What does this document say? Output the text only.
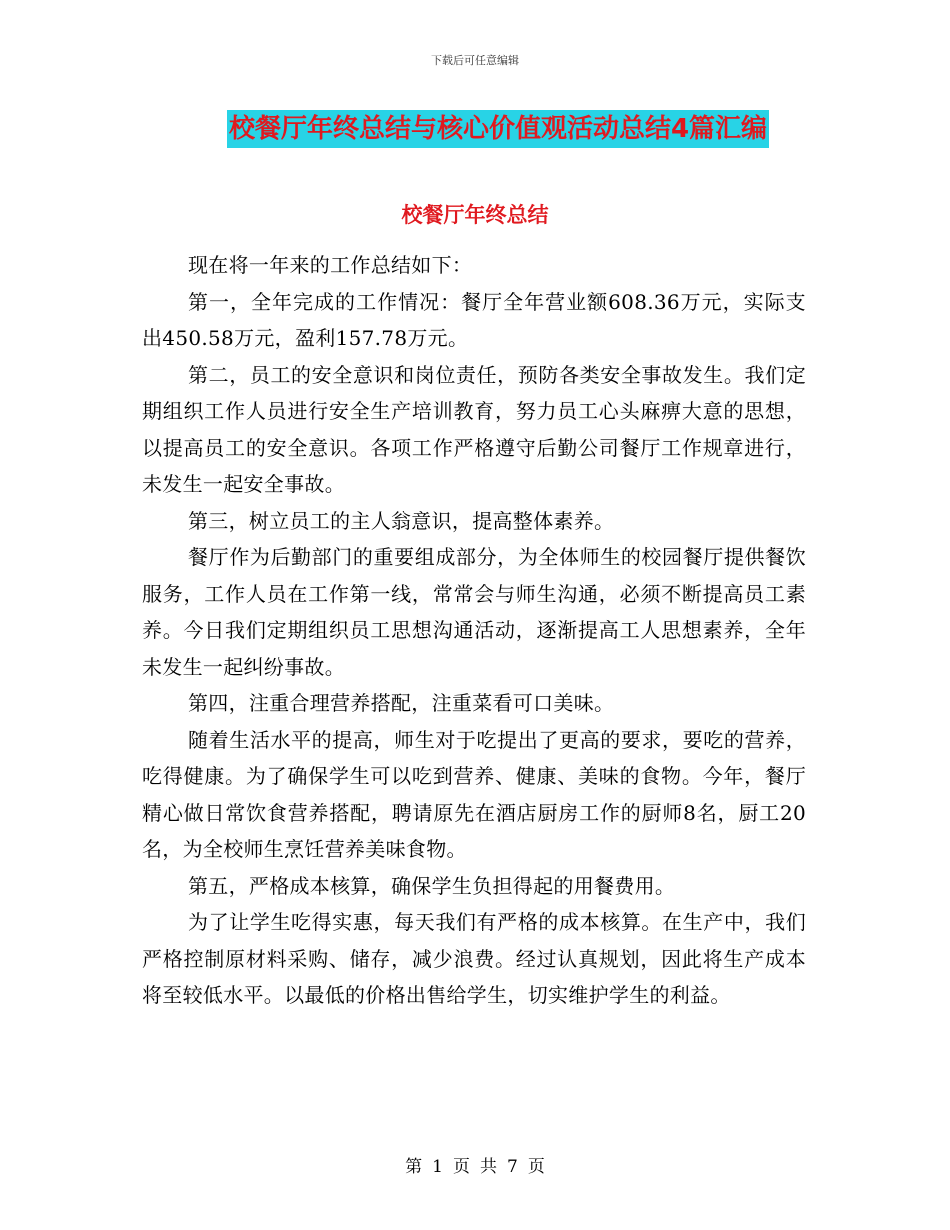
下载后可任意编辑
校餐厅年终总结与核心价值观活动总结4篇汇编
校餐厅年终总结

现在将一年来的工作总结如下：

第一，全年完成的工作情况：餐厅全年营业额608.36万元，实际支出450.58万元，盈利157.78万元。

第二，员工的安全意识和岗位责任，预防各类安全事故发生。我们定期组织工作人员进行安全生产培训教育，努力员工心头麻痹大意的思想，以提高员工的安全意识。各项工作严格遵守后勤公司餐厅工作规章进行，未发生一起安全事故。

第三，树立员工的主人翁意识，提高整体素养。

餐厅作为后勤部门的重要组成部分，为全体师生的校园餐厅提供餐饮服务，工作人员在工作第一线，常常会与师生沟通，必须不断提高员工素养。今日我们定期组织员工思想沟通活动，逐渐提高工人思想素养，全年未发生一起纠纷事故。

第四，注重合理营养搭配，注重菜看可口美味。

随着生活水平的提高，师生对于吃提出了更高的要求，要吃的营养，吃得健康。为了确保学生可以吃到营养、健康、美味的食物。今年，餐厅精心做日常饮食营养搭配，聘请原先在酒店厨房工作的厨师8名，厨工20名，为全校师生烹饪营养美味食物。

第五，严格成本核算，确保学生负担得起的用餐费用。

为了让学生吃得实惠，每天我们有严格的成本核算。在生产中，我们严格控制原材料采购、储存，减少浪费。经过认真规划，因此将生产成本将至较低水平。以最低的价格出售给学生，切实维护学生的利益。

第 1 页 共 7 页
